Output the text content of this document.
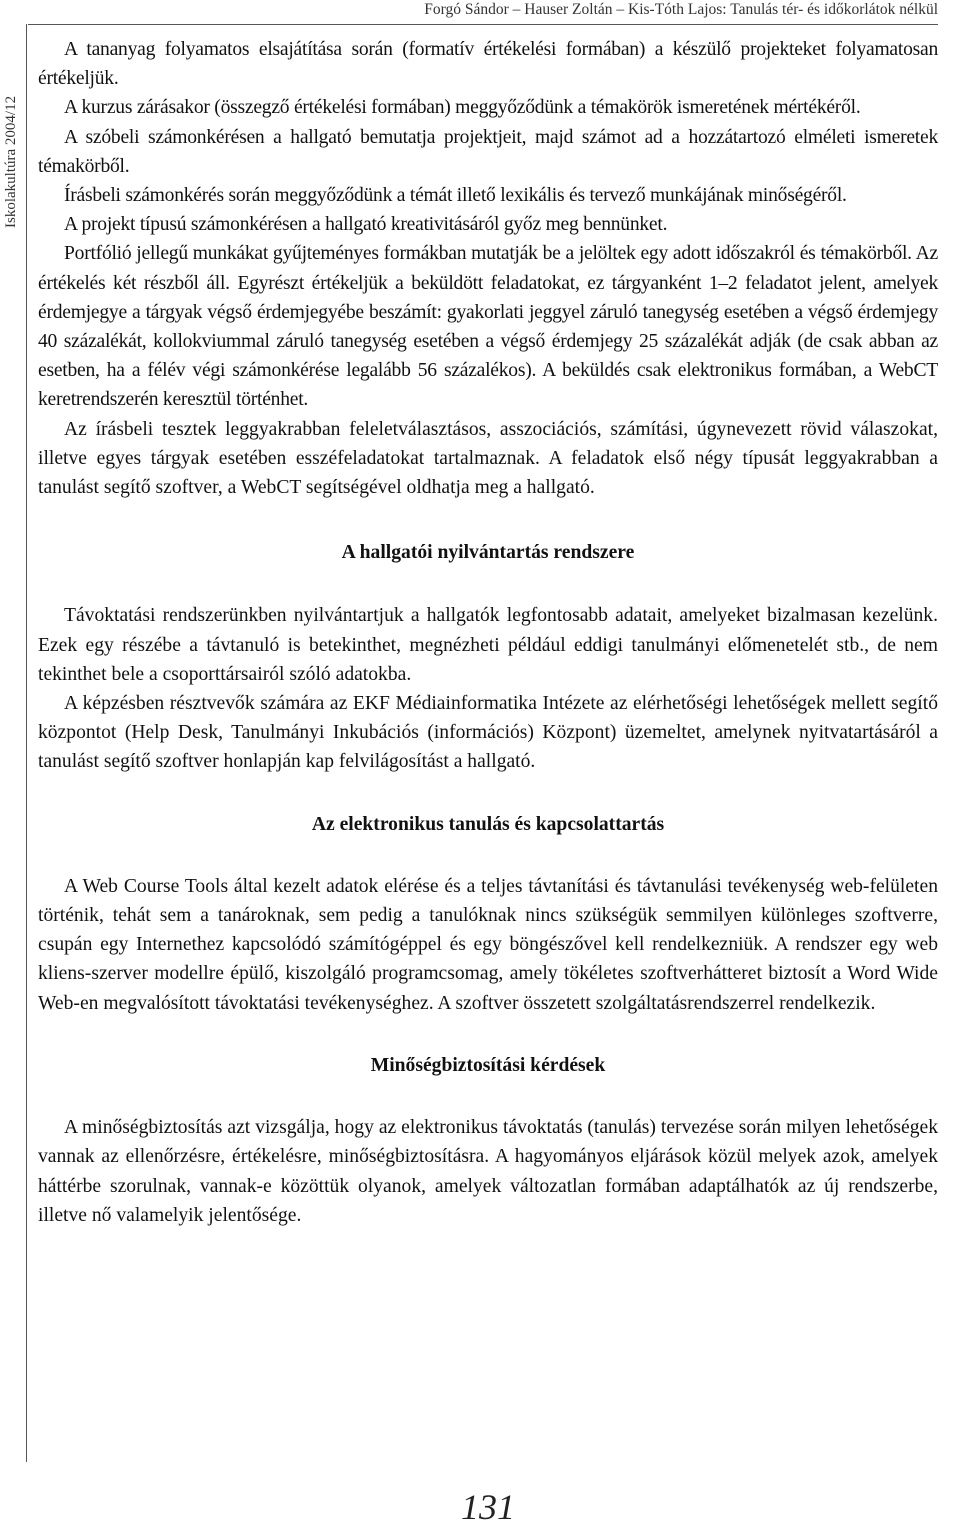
Forgó Sándor – Hauser Zoltán – Kis-Tóth Lajos: Tanulás tér- és időkorlátok nélkül
Iskolakultúra 2004/12

A tananyag folyamatos elsajátítása során (formatív értékelési formában) a készülő projekteket folyamatosan értékeljük.

A kurzus zárásakor (összegző értékelési formában) meggyőződünk a témakörök ismeretének mértékéről.

A szóbeli számonkérésen a hallgató bemutatja projektjeit, majd számot ad a hozzátartozó elméleti ismeretek témakörből.

Írásbeli számonkérés során meggyőződünk a témát illető lexikális és tervező munkájának minőségéről.

A projekt típusú számonkérésen a hallgató kreativitásáról győz meg bennünket.

Portfólió jellegű munkákat gyűjteményes formákban mutatják be a jelöltek egy adott időszakról és témakörből. Az értékelés két részből áll. Egyrészt értékeljük a beküldött feladatokat, ez tárgyanként 1–2 feladatot jelent, amelyek érdemjegye a tárgyak végső érdemjegyébe beszámít: gyakorlati jeggyel záruló tanegység esetében a végső érdemjegy 40 százalékát, kollokviummal záruló tanegység esetében a végső érdemjegy 25 százalékát adják (de csak abban az esetben, ha a félév végi számonkérése legalább 56 százalékos). A beküldés csak elektronikus formában, a WebCT keretrendszerén keresztül történhet.

Az írásbeli tesztek leggyakrabban feleletválasztásos, asszociációs, számítási, úgynevezett rövid válaszokat, illetve egyes tárgyak esetében esszéfeladatokat tartalmaznak. A feladatok első négy típusát leggyakrabban a tanulást segítő szoftver, a WebCT segítségével oldhatja meg a hallgató.

A hallgatói nyilvántartás rendszere

Távoktatási rendszerünkben nyilvántartjuk a hallgatók legfontosabb adatait, amelyeket bizalmasan kezelünk. Ezek egy részébe a távtanuló is betekinthet, megnézheti például eddigi tanulmányi előmenetelét stb., de nem tekinthet bele a csoporttársairól szóló adatokba.

A képzésben résztvevők számára az EKF Médiainformatika Intézete az elérhetőségi lehetőségek mellett segítő központot (Help Desk, Tanulmányi Inkubációs (információs) Központ) üzemeltet, amelynek nyitvatartásáról a tanulást segítő szoftver honlapján kap felvilágosítást a hallgató.

Az elektronikus tanulás és kapcsolattartás

A Web Course Tools által kezelt adatok elérése és a teljes távtanítási és távtanulási tevékenység web-felületen történik, tehát sem a tanároknak, sem pedig a tanulóknak nincs szükségük semmilyen különleges szoftverre, csupán egy Internethez kapcsolódó számítógéppel és egy böngészővel kell rendelkezniük. A rendszer egy web kliens-szerver modellre épülő, kiszolgáló programcsomag, amely tökéletes szoftverhátteret biztosít a Word Wide Web-en megvalósított távoktatási tevékenységhez. A szoftver összetett szolgáltatásrendszerrel rendelkezik.

Minőségbiztosítási kérdések

A minőségbiztosítás azt vizsgálja, hogy az elektronikus távoktatás (tanulás) tervezése során milyen lehetőségek vannak az ellenőrzésre, értékelésre, minőségbiztosításra. A hagyományos eljárások közül melyek azok, amelyek háttérbe szorulnak, vannak-e közöttük olyanok, amelyek változatlan formában adaptálhatók az új rendszerbe, illetve nő valamelyik jelentősége.

131
